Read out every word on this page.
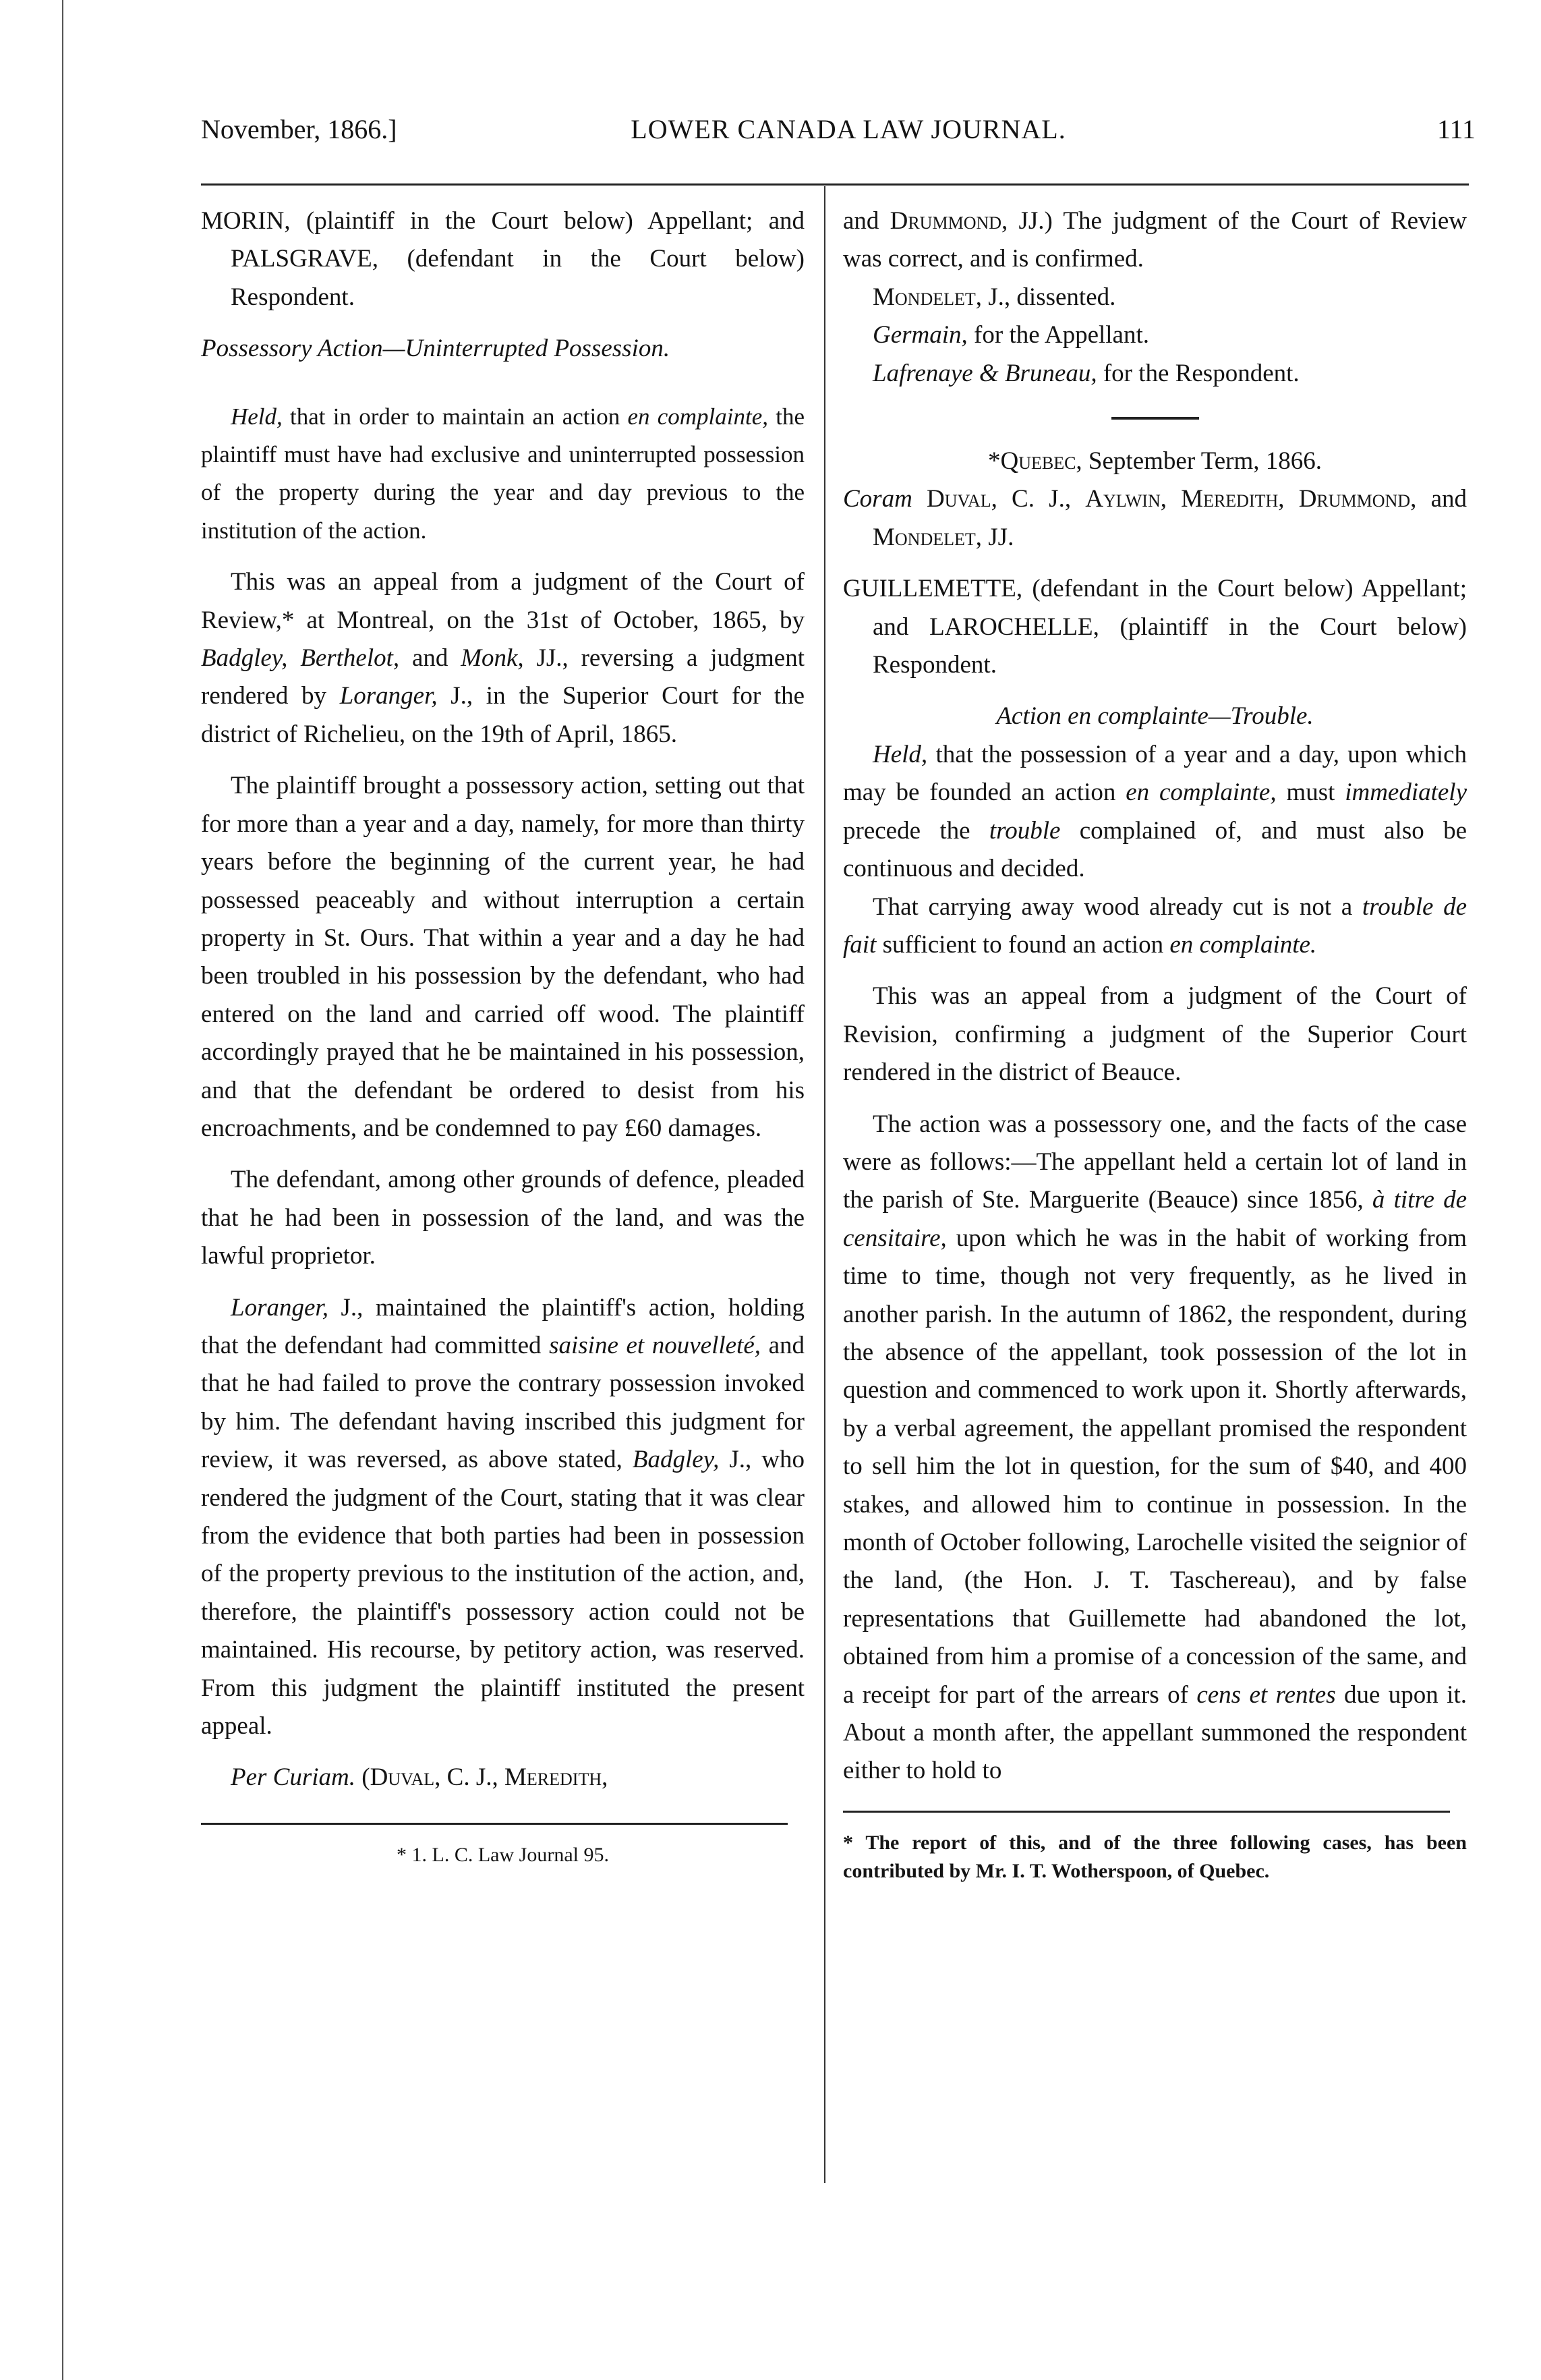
November, 1866.]	LOWER CANADA LAW JOURNAL.	111

MORIN, (plaintiff in the Court below) Appellant; and PALSGRAVE, (defendant in the Court below) Respondent.

Possessory Action—Uninterrupted Possession.

Held, that in order to maintain an action en complainte, the plaintiff must have had exclusive and uninterrupted possession of the property during the year and day previous to the institution of the action.

This was an appeal from a judgment of the Court of Review,* at Montreal, on the 31st of October, 1865, by Badgley, Berthelot, and Monk, JJ., reversing a judgment rendered by Loranger, J., in the Superior Court for the district of Richelieu, on the 19th of April, 1865.

The plaintiff brought a possessory action, setting out that for more than a year and a day, namely, for more than thirty years before the beginning of the current year, he had possessed peaceably and without interruption a certain property in St. Ours. That within a year and a day he had been troubled in his possession by the defendant, who had entered on the land and carried off wood. The plaintiff accordingly prayed that he be maintained in his possession, and that the defendant be ordered to desist from his encroachments, and be condemned to pay £60 damages.

The defendant, among other grounds of defence, pleaded that he had been in possession of the land, and was the lawful proprietor.

Loranger, J., maintained the plaintiff's action, holding that the defendant had committed saisine et nouvelleté, and that he had failed to prove the contrary possession invoked by him. The defendant having inscribed this judgment for review, it was reversed, as above stated, Badgley, J., who rendered the judgment of the Court, stating that it was clear from the evidence that both parties had been in possession of the property previous to the institution of the action, and, therefore, the plaintiff's possessory action could not be maintained. His recourse, by petitory action, was reserved. From this judgment the plaintiff instituted the present appeal.

Per Curiam. (Duval, C. J., Meredith,

* 1. L. C. Law Journal 95.

and Drummond, JJ.) The judgment of the Court of Review was correct, and is confirmed.

Mondelet, J., dissented.

Germain, for the Appellant.

Lafrenaye & Bruneau, for the Respondent.

*Quebec, September Term, 1866.

Coram Duval, C. J., Aylwin, Meredith, Drummond, and Mondelet, JJ.

GUILLEMETTE, (defendant in the Court below) Appellant; and LAROCHELLE, (plaintiff in the Court below) Respondent.

Action en complainte—Trouble.

Held, that the possession of a year and a day, upon which may be founded an action en complainte, must immediately precede the trouble complained of, and must also be continuous and decided.

That carrying away wood already cut is not a trouble de fait sufficient to found an action en complainte.

This was an appeal from a judgment of the Court of Revision, confirming a judgment of the Superior Court rendered in the district of Beauce.

The action was a possessory one, and the facts of the case were as follows:—The appellant held a certain lot of land in the parish of Ste. Marguerite (Beauce) since 1856, à titre de censitaire, upon which he was in the habit of working from time to time, though not very frequently, as he lived in another parish. In the autumn of 1862, the respondent, during the absence of the appellant, took possession of the lot in question and commenced to work upon it. Shortly afterwards, by a verbal agreement, the appellant promised the respondent to sell him the lot in question, for the sum of $40, and 400 stakes, and allowed him to continue in possession. In the month of October following, Larochelle visited the seignior of the land, (the Hon. J. T. Taschereau), and by false representations that Guillemette had abandoned the lot, obtained from him a promise of a concession of the same, and a receipt for part of the arrears of cens et rentes due upon it. About a month after, the appellant summoned the respondent either to hold to

* The report of this, and of the three following cases, has been contributed by Mr. I. T. Wotherspoon, of Quebec.
